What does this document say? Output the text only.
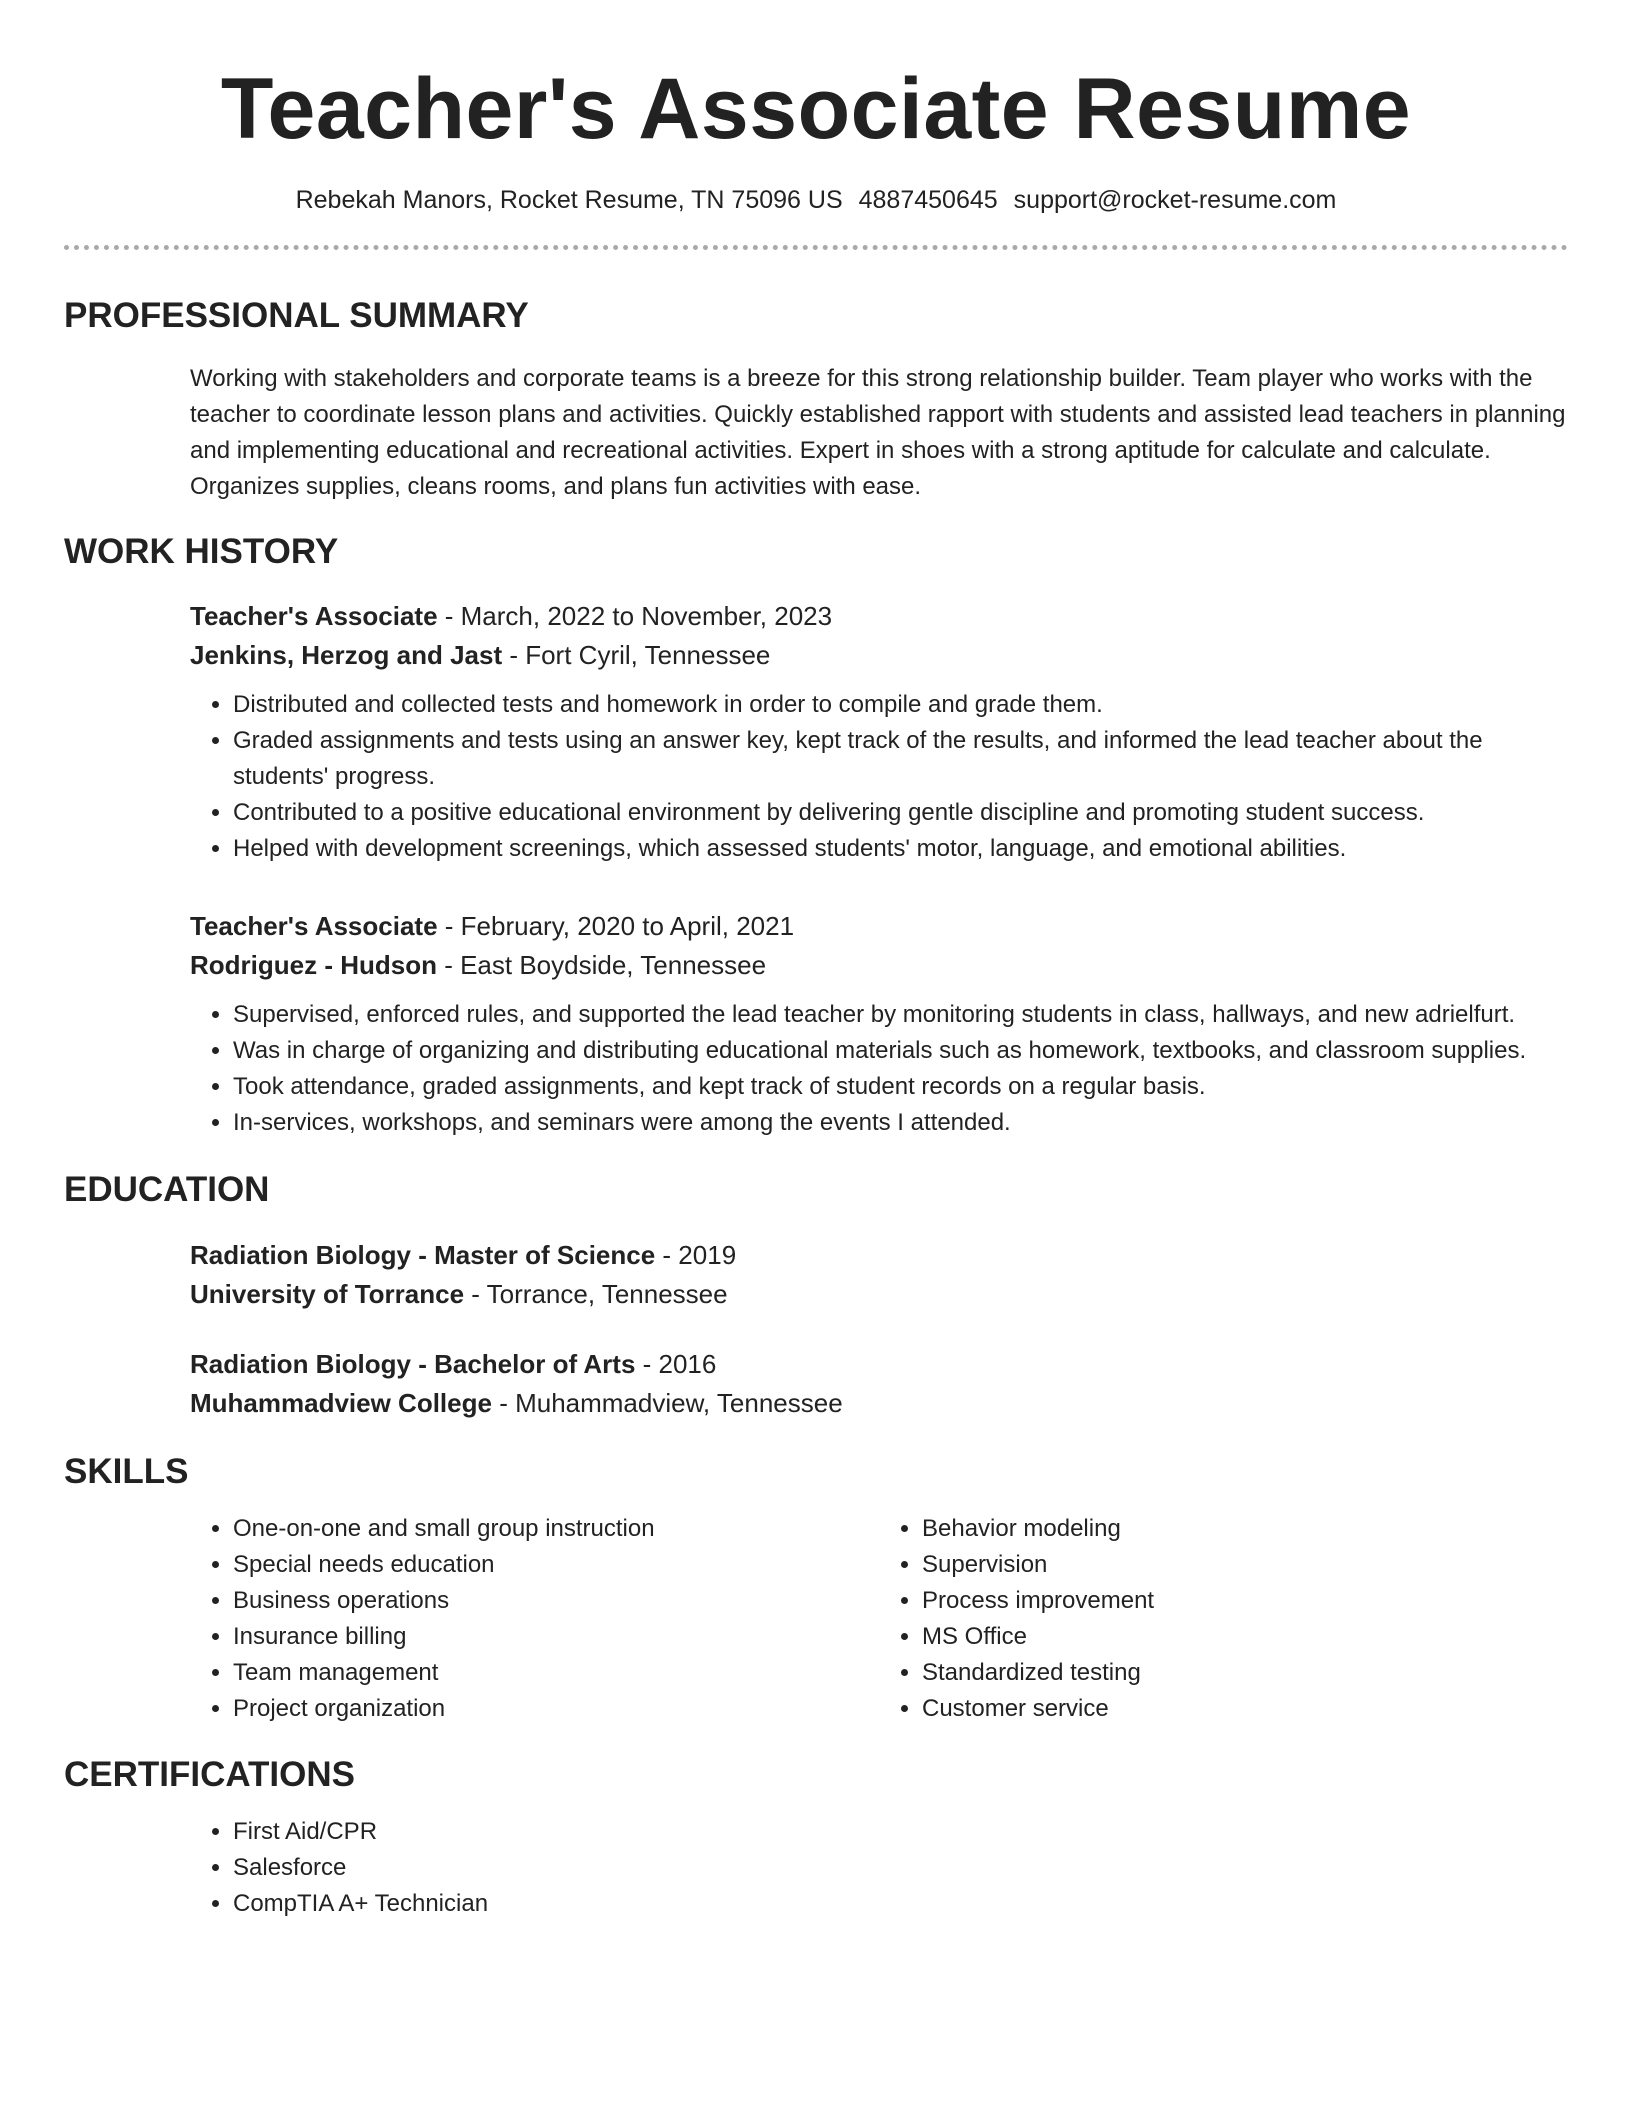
Teacher's Associate Resume
Rebekah Manors, Rocket Resume, TN 75096 US 4887450645 support@rocket-resume.com
PROFESSIONAL SUMMARY
Working with stakeholders and corporate teams is a breeze for this strong relationship builder. Team player who works with the teacher to coordinate lesson plans and activities. Quickly established rapport with students and assisted lead teachers in planning and implementing educational and recreational activities. Expert in shoes with a strong aptitude for calculate and calculate. Organizes supplies, cleans rooms, and plans fun activities with ease.
WORK HISTORY
Teacher's Associate - March, 2022 to November, 2023
Jenkins, Herzog and Jast - Fort Cyril, Tennessee
• Distributed and collected tests and homework in order to compile and grade them.
• Graded assignments and tests using an answer key, kept track of the results, and informed the lead teacher about the students' progress.
• Contributed to a positive educational environment by delivering gentle discipline and promoting student success.
• Helped with development screenings, which assessed students' motor, language, and emotional abilities.
Teacher's Associate - February, 2020 to April, 2021
Rodriguez - Hudson - East Boydside, Tennessee
• Supervised, enforced rules, and supported the lead teacher by monitoring students in class, hallways, and new adrielfurt.
• Was in charge of organizing and distributing educational materials such as homework, textbooks, and classroom supplies.
• Took attendance, graded assignments, and kept track of student records on a regular basis.
• In-services, workshops, and seminars were among the events I attended.
EDUCATION
Radiation Biology - Master of Science - 2019
University of Torrance - Torrance, Tennessee
Radiation Biology - Bachelor of Arts - 2016
Muhammadview College - Muhammadview, Tennessee
SKILLS
• One-on-one and small group instruction
• Special needs education
• Business operations
• Insurance billing
• Team management
• Project organization
• Behavior modeling
• Supervision
• Process improvement
• MS Office
• Standardized testing
• Customer service
CERTIFICATIONS
• First Aid/CPR
• Salesforce
• CompTIA A+ Technician
